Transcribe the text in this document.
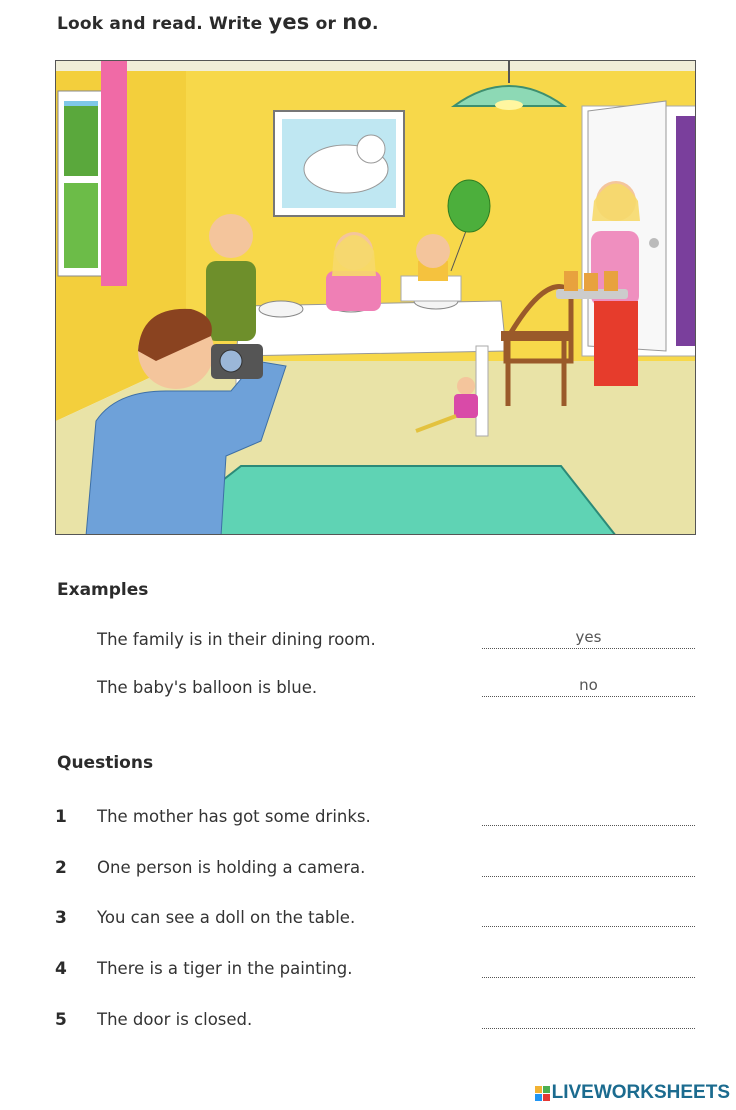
Look and read. Write yes or no.
Examples
The family is in their dining room.	yes
The baby's balloon is blue.	no
Questions
1 The mother has got some drinks.
2 One person is holding a camera.
3 You can see a doll on the table.
4 There is a tiger in the painting.
5 The door is closed.
LIVEWORKSHEETS
